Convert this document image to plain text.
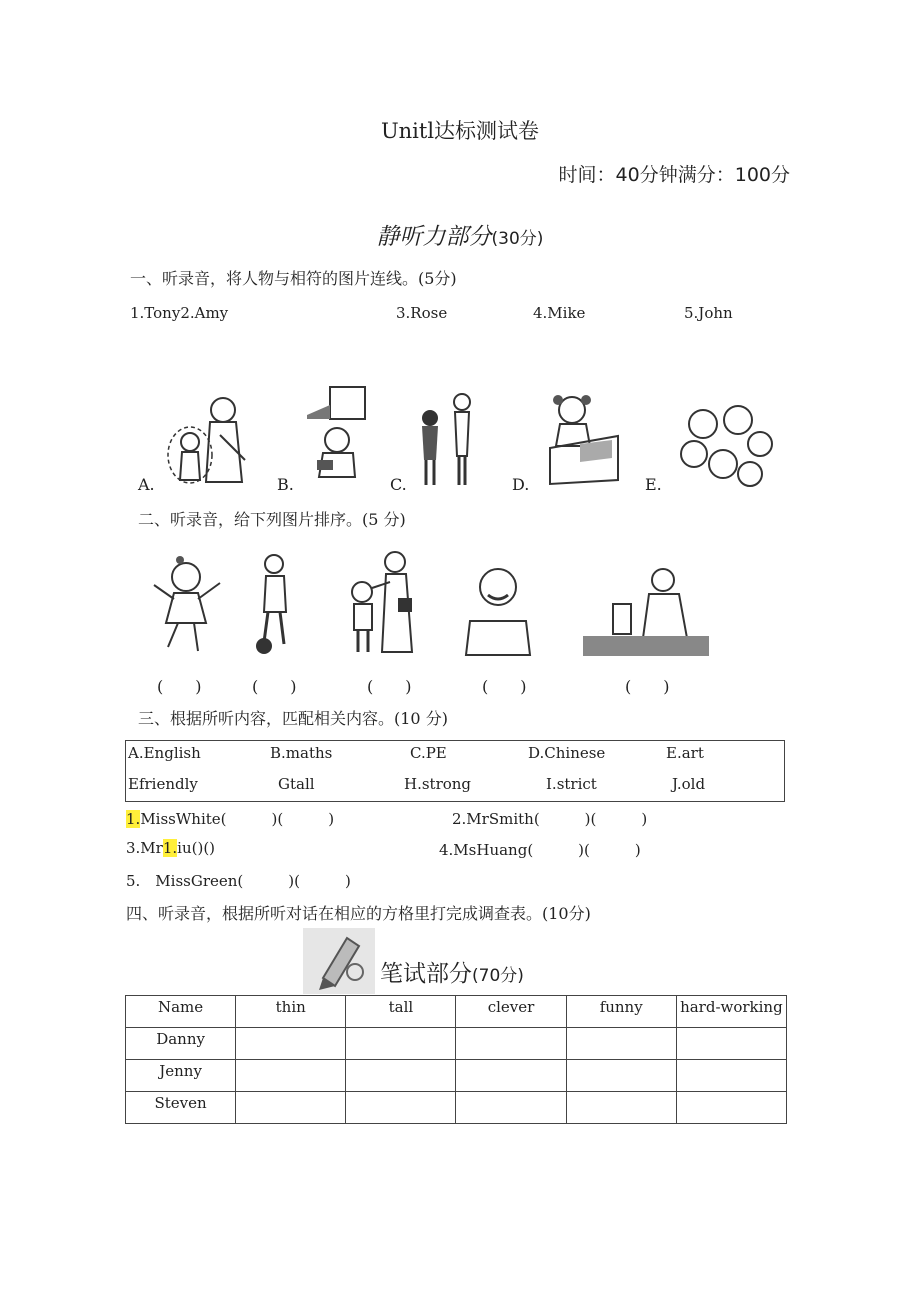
Unitl达标测试卷
时间：40分钟满分：100分
静听力部分(30分)
一、听录音，将人物与相符的图片连线。(5分)
1.Tony2.Amy	3.Rose	4.Mike	5.John
A.	B.	C.	D.	E.
二、听录音，给下列图片排序。(5 分)
(　　)	(　　)	(　　)	(　　)	(　　)
三、根据所听内容，匹配相关内容。(10 分)
A.English	B.maths	C.PE	D.Chinese	E.art
Efriendly	Gtall	H.strong	I.strict	J.old
1.MissWhite(　　　)(　　　)	2.MrSmith(　　　)(　　　)
3.Mr1.iu()()	4.MsHuang(　　　)(　　　)
5.　MissGreen(　　　)(　　　)
四、听录音，根据所听对话在相应的方格里打完成调查表。(10分)
笔试部分(70分)
Name	thin	tall	clever	funny	hard-working
Danny					
Jenny					
Steven					
